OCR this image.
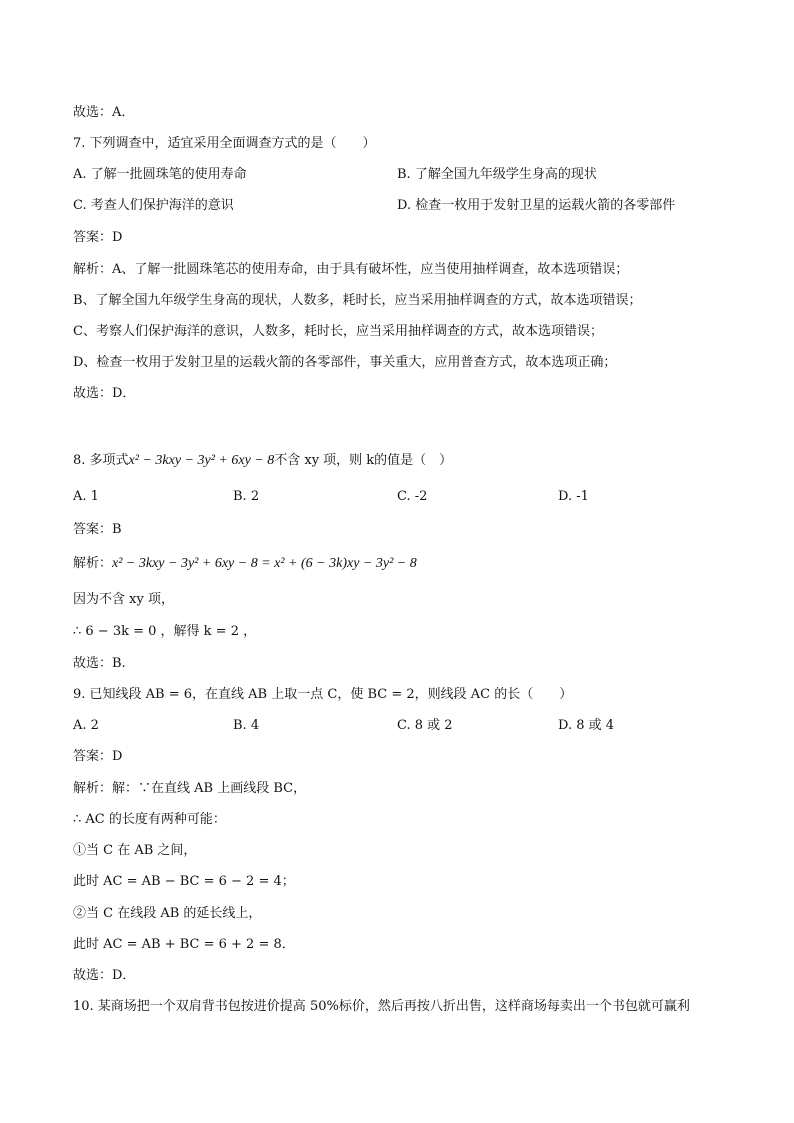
故选：A．
7. 下列调查中，适宜采用全面调查方式的是（　　）
A. 了解一批圆珠笔的使用寿命	B. 了解全国九年级学生身高的现状
C. 考查人们保护海洋的意识	D. 检查一枚用于发射卫星的运载火箭的各零部件
答案：D
解析：A、了解一批圆珠笔芯的使用寿命，由于具有破坏性，应当使用抽样调查，故本选项错误；
B、了解全国九年级学生身高的现状，人数多，耗时长，应当采用抽样调查的方式，故本选项错误；
C、考察人们保护海洋的意识，人数多，耗时长，应当采用抽样调查的方式，故本选项错误；
D、检查一枚用于发射卫星的运载火箭的各零部件，事关重大，应用普查方式，故本选项正确；
故选：D．
8. 多项式x² − 3kxy − 3y² + 6xy − 8不含 xy 项，则 k的值是（　）
A. 1	B. 2	C. -2	D. -1
答案：B
解析：x² − 3kxy − 3y² + 6xy − 8 = x² + (6 − 3k)xy − 3y² − 8
因为不含 xy 项，
∴ 6 − 3k = 0 ，解得 k = 2 ，
故选：B.
9. 已知线段 AB = 6，在直线 AB 上取一点 C，使 BC = 2，则线段 AC 的长（　　）
A. 2	B. 4	C. 8 或 2	D. 8 或 4
答案：D
解析：解：∵在直线 AB 上画线段 BC，
∴ AC 的长度有两种可能：
①当 C 在 AB 之间，
此时 AC = AB − BC = 6 − 2 = 4；
②当 C 在线段 AB 的延长线上，
此时 AC = AB + BC = 6 + 2 = 8．
故选：D．
10. 某商场把一个双肩背书包按进价提高 50%标价，然后再按八折出售，这样商场每卖出一个书包就可赢利
